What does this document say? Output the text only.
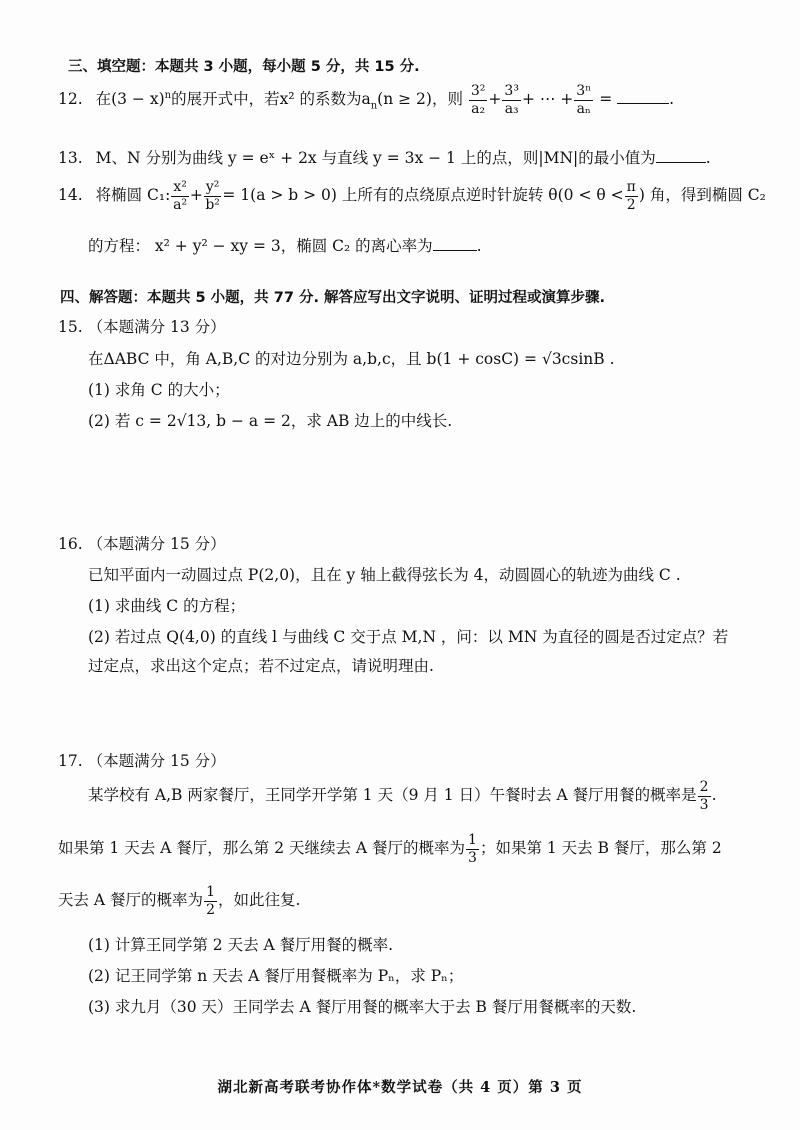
三、填空题：本题共 3 小题，每小题 5 分，共 15 分.
12. 在$(3 - x)^n$的展开式中，若x² 的系数为$a_n(n \ge 2)$，则 $\frac{\text{3²}}{\text{a₂}} + \frac{\text{3³}}{\text{a₃}}$ + ⋯ + $\frac{\text{3ⁿ}}{\text{aₙ}}$ =	.
13. M、N 分别为曲线 y = eˣ + 2x 与直线 y = 3x − 1 上的点，则|MN|的最小值为	.
14. 将椭圆 C₁: $\frac{\text{x²}}{\text{a²}} + \frac{\text{y²}}{\text{b²}} = 1(a > b > 0)$ 上所有的点绕原点逆时针旋转 $\theta(0 < \theta < \frac{\pi}{2}$ ) 角，得到椭圆 C₂
的方程： x² + y² − xy = 3，椭圆 C₂ 的离心率为	.
四、解答题：本题共 5 小题，共 77 分. 解答应写出文字说明、证明过程或演算步骤.
15. （本题满分 13 分）
在ΔABC 中，角 A,B,C 的对边分别为 a,b,c，且 b(1 + cosC) = √3csinB .
(1) 求角 C 的大小；
(2) 若 c = 2√13, b − a = 2，求 AB 边上的中线长.
16. （本题满分 15 分）
已知平面内一动圆过点 P(2,0)，且在 y 轴上截得弦长为 4，动圆圆心的轨迹为曲线 C .
(1) 求曲线 C 的方程；
(2) 若过点 Q(4,0) 的直线 l 与曲线 C 交于点 M,N ，问：以 MN 为直径的圆是否过定点？若
过定点，求出这个定点；若不过定点，请说明理由.
17. （本题满分 15 分）
某学校有 A,B 两家餐厅，王同学开学第 1 天（9 月 1 日）午餐时去 A 餐厅用餐的概率是 $\frac{2}{3}$ .
如果第 1 天去 A 餐厅，那么第 2 天继续去 A 餐厅的概率为 $\frac{1}{3}$ ；如果第 1 天去 B 餐厅，那么第 2
天去 A 餐厅的概率为 $\frac{1}{2}$ ，如此往复.
(1) 计算王同学第 2 天去 A 餐厅用餐的概率.
(2) 记王同学第 n 天去 A 餐厅用餐概率为 Pₙ，求 Pₙ；
(3) 求九月（30 天）王同学去 A 餐厅用餐的概率大于去 B 餐厅用餐概率的天数.
湖北新高考联考协作体*数学试卷（共 4 页）第 3 页
